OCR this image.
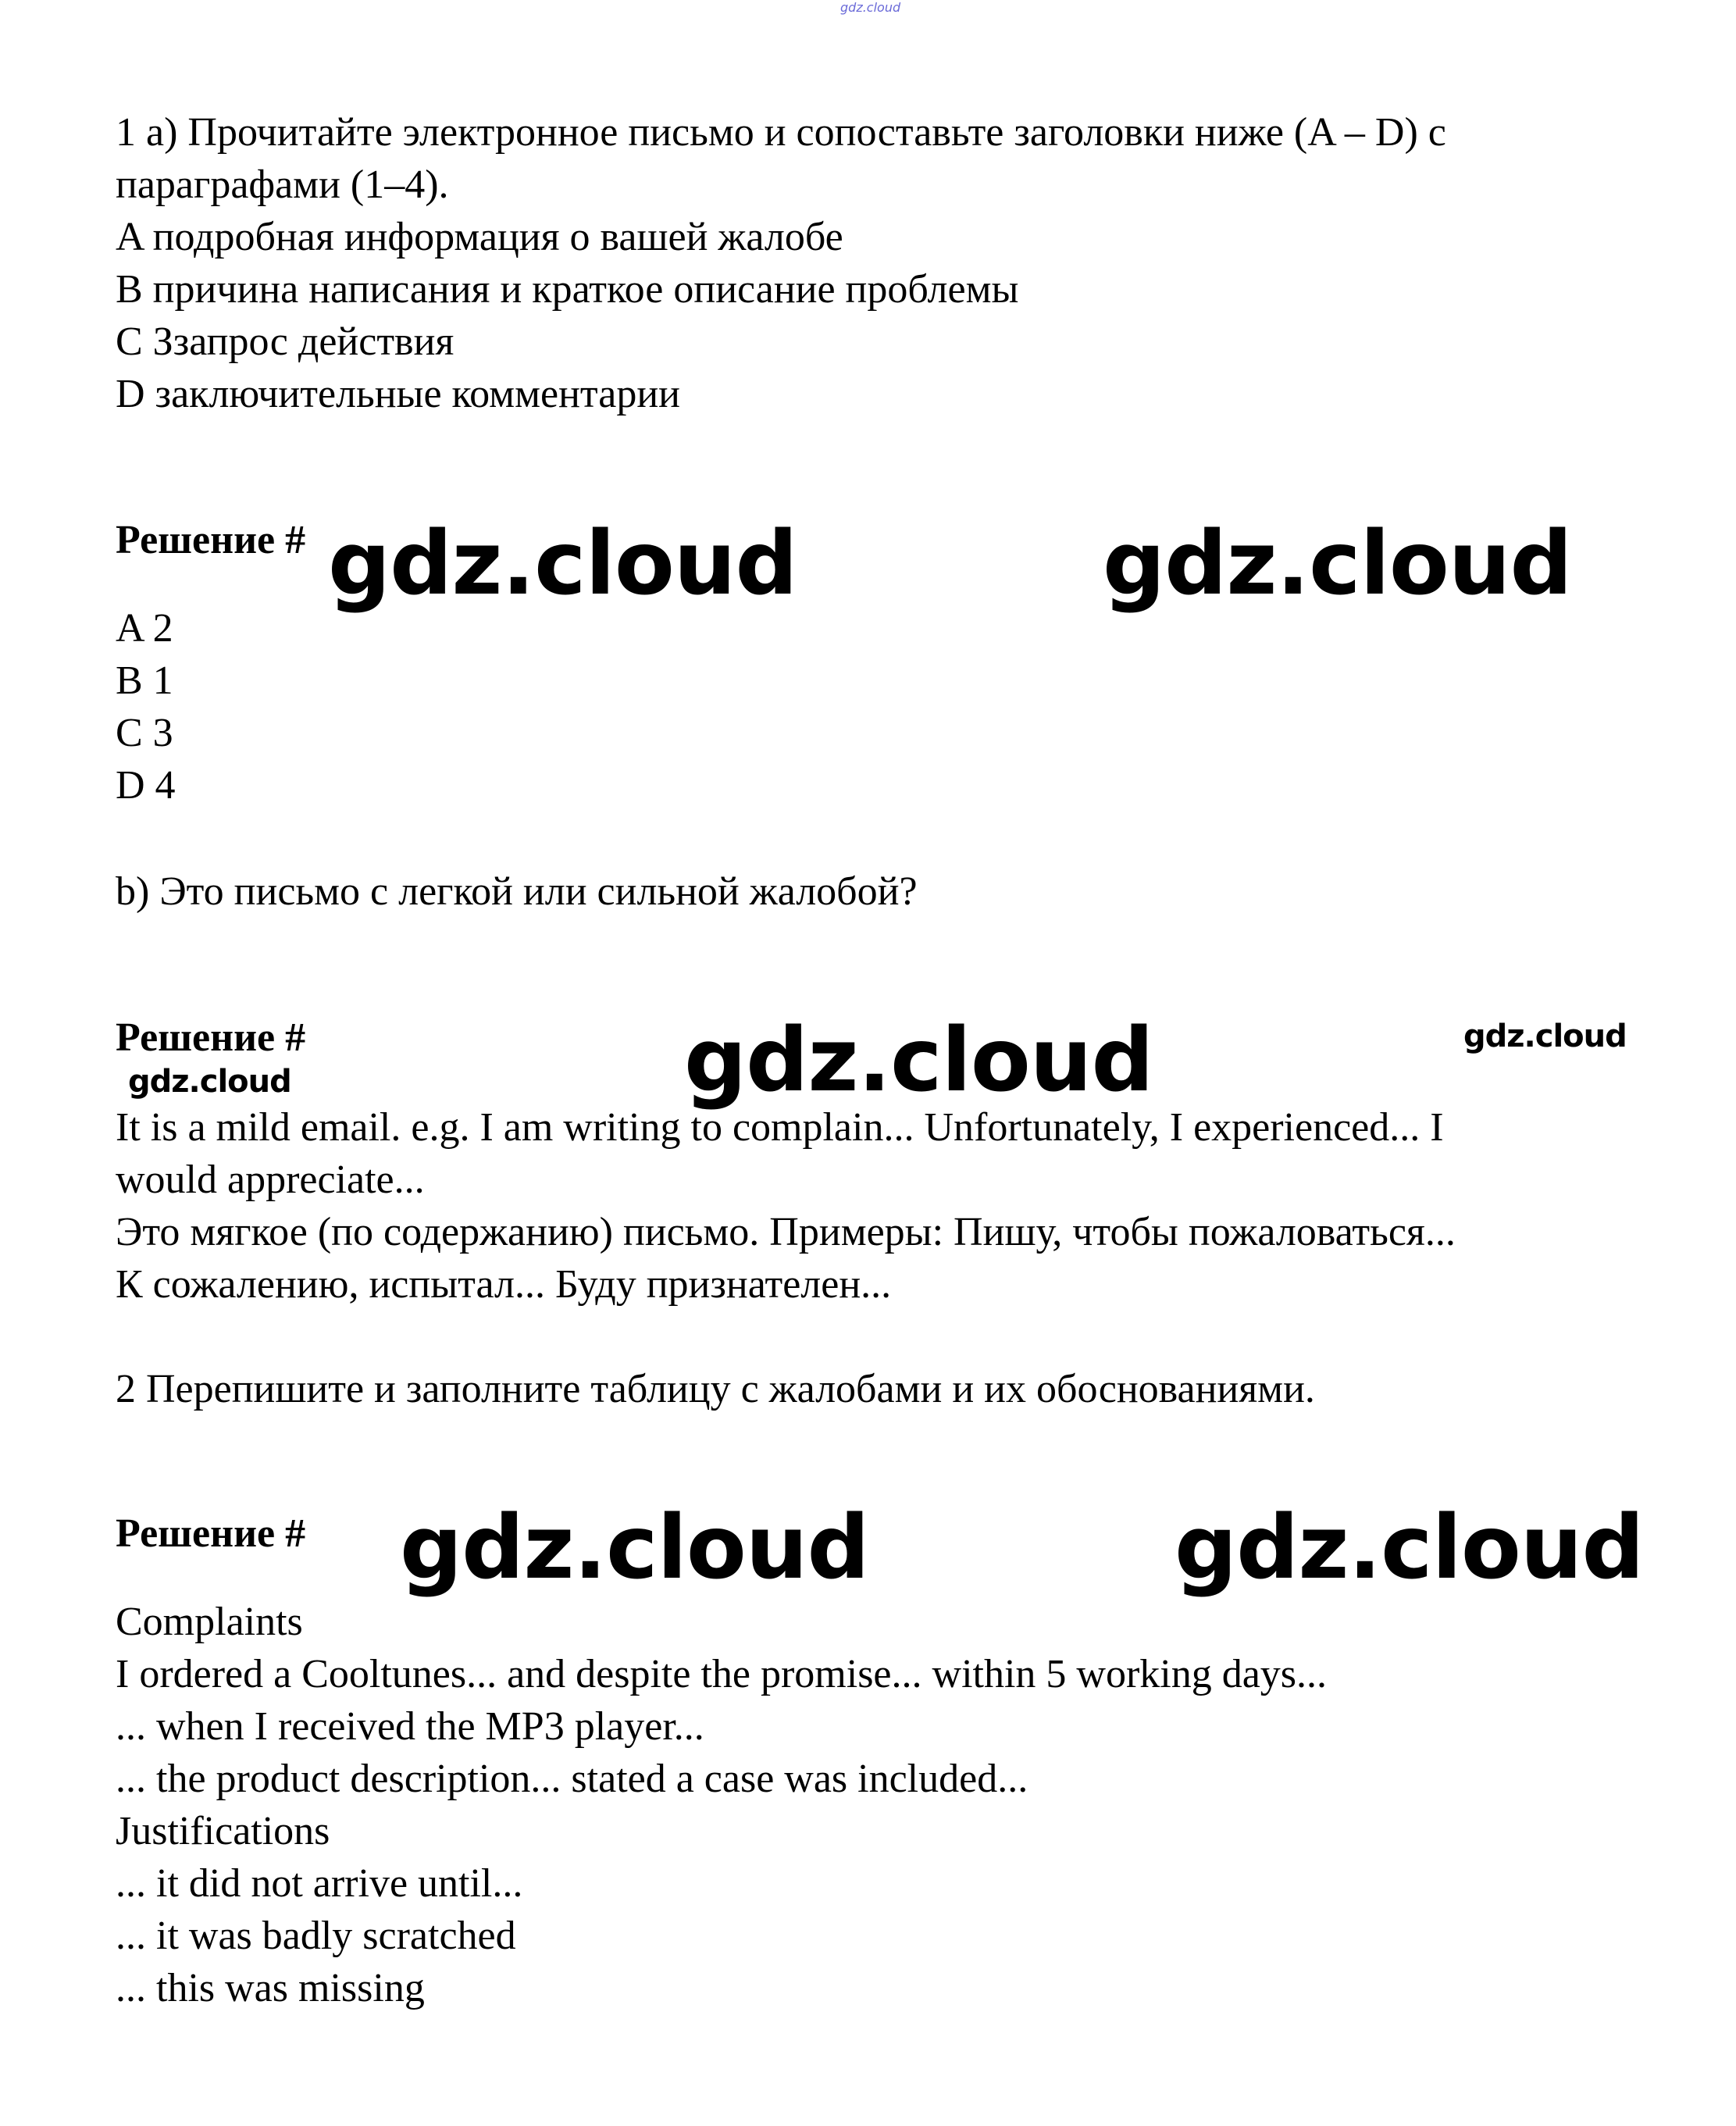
gdz.cloud
1 a) Прочитайте электронное письмо и сопоставьте заголовки ниже (A – D) с
параграфами (1–4).
A подробная информация о вашей жалобе
B причина написания и краткое описание проблемы
C Ззапрос действия
D заключительные комментарии
Решение # gdz.cloud	gdz.cloud
A 2
B 1
C 3
D 4
b) Это письмо с легкой или сильной жалобой?
Решение #	gdz.cloud	gdz.cloud
gdz.cloud
It is a mild email. e.g. I am writing to complain... Unfortunately, I experienced... I
would appreciate...
Это мягкое (по содержанию) письмо. Примеры: Пишу, чтобы пожаловаться...
К сожалению, испытал... Буду признателен...
2 Перепишите и заполните таблицу с жалобами и их обоснованиями.
Решение # gdz.cloud	gdz.cloud
Complaints
I ordered a Cooltunes... and despite the promise... within 5 working days...
... when I received the MP3 player...
... the product description... stated a case was included...
Justifications
... it did not arrive until...
... it was badly scratched
... this was missing
